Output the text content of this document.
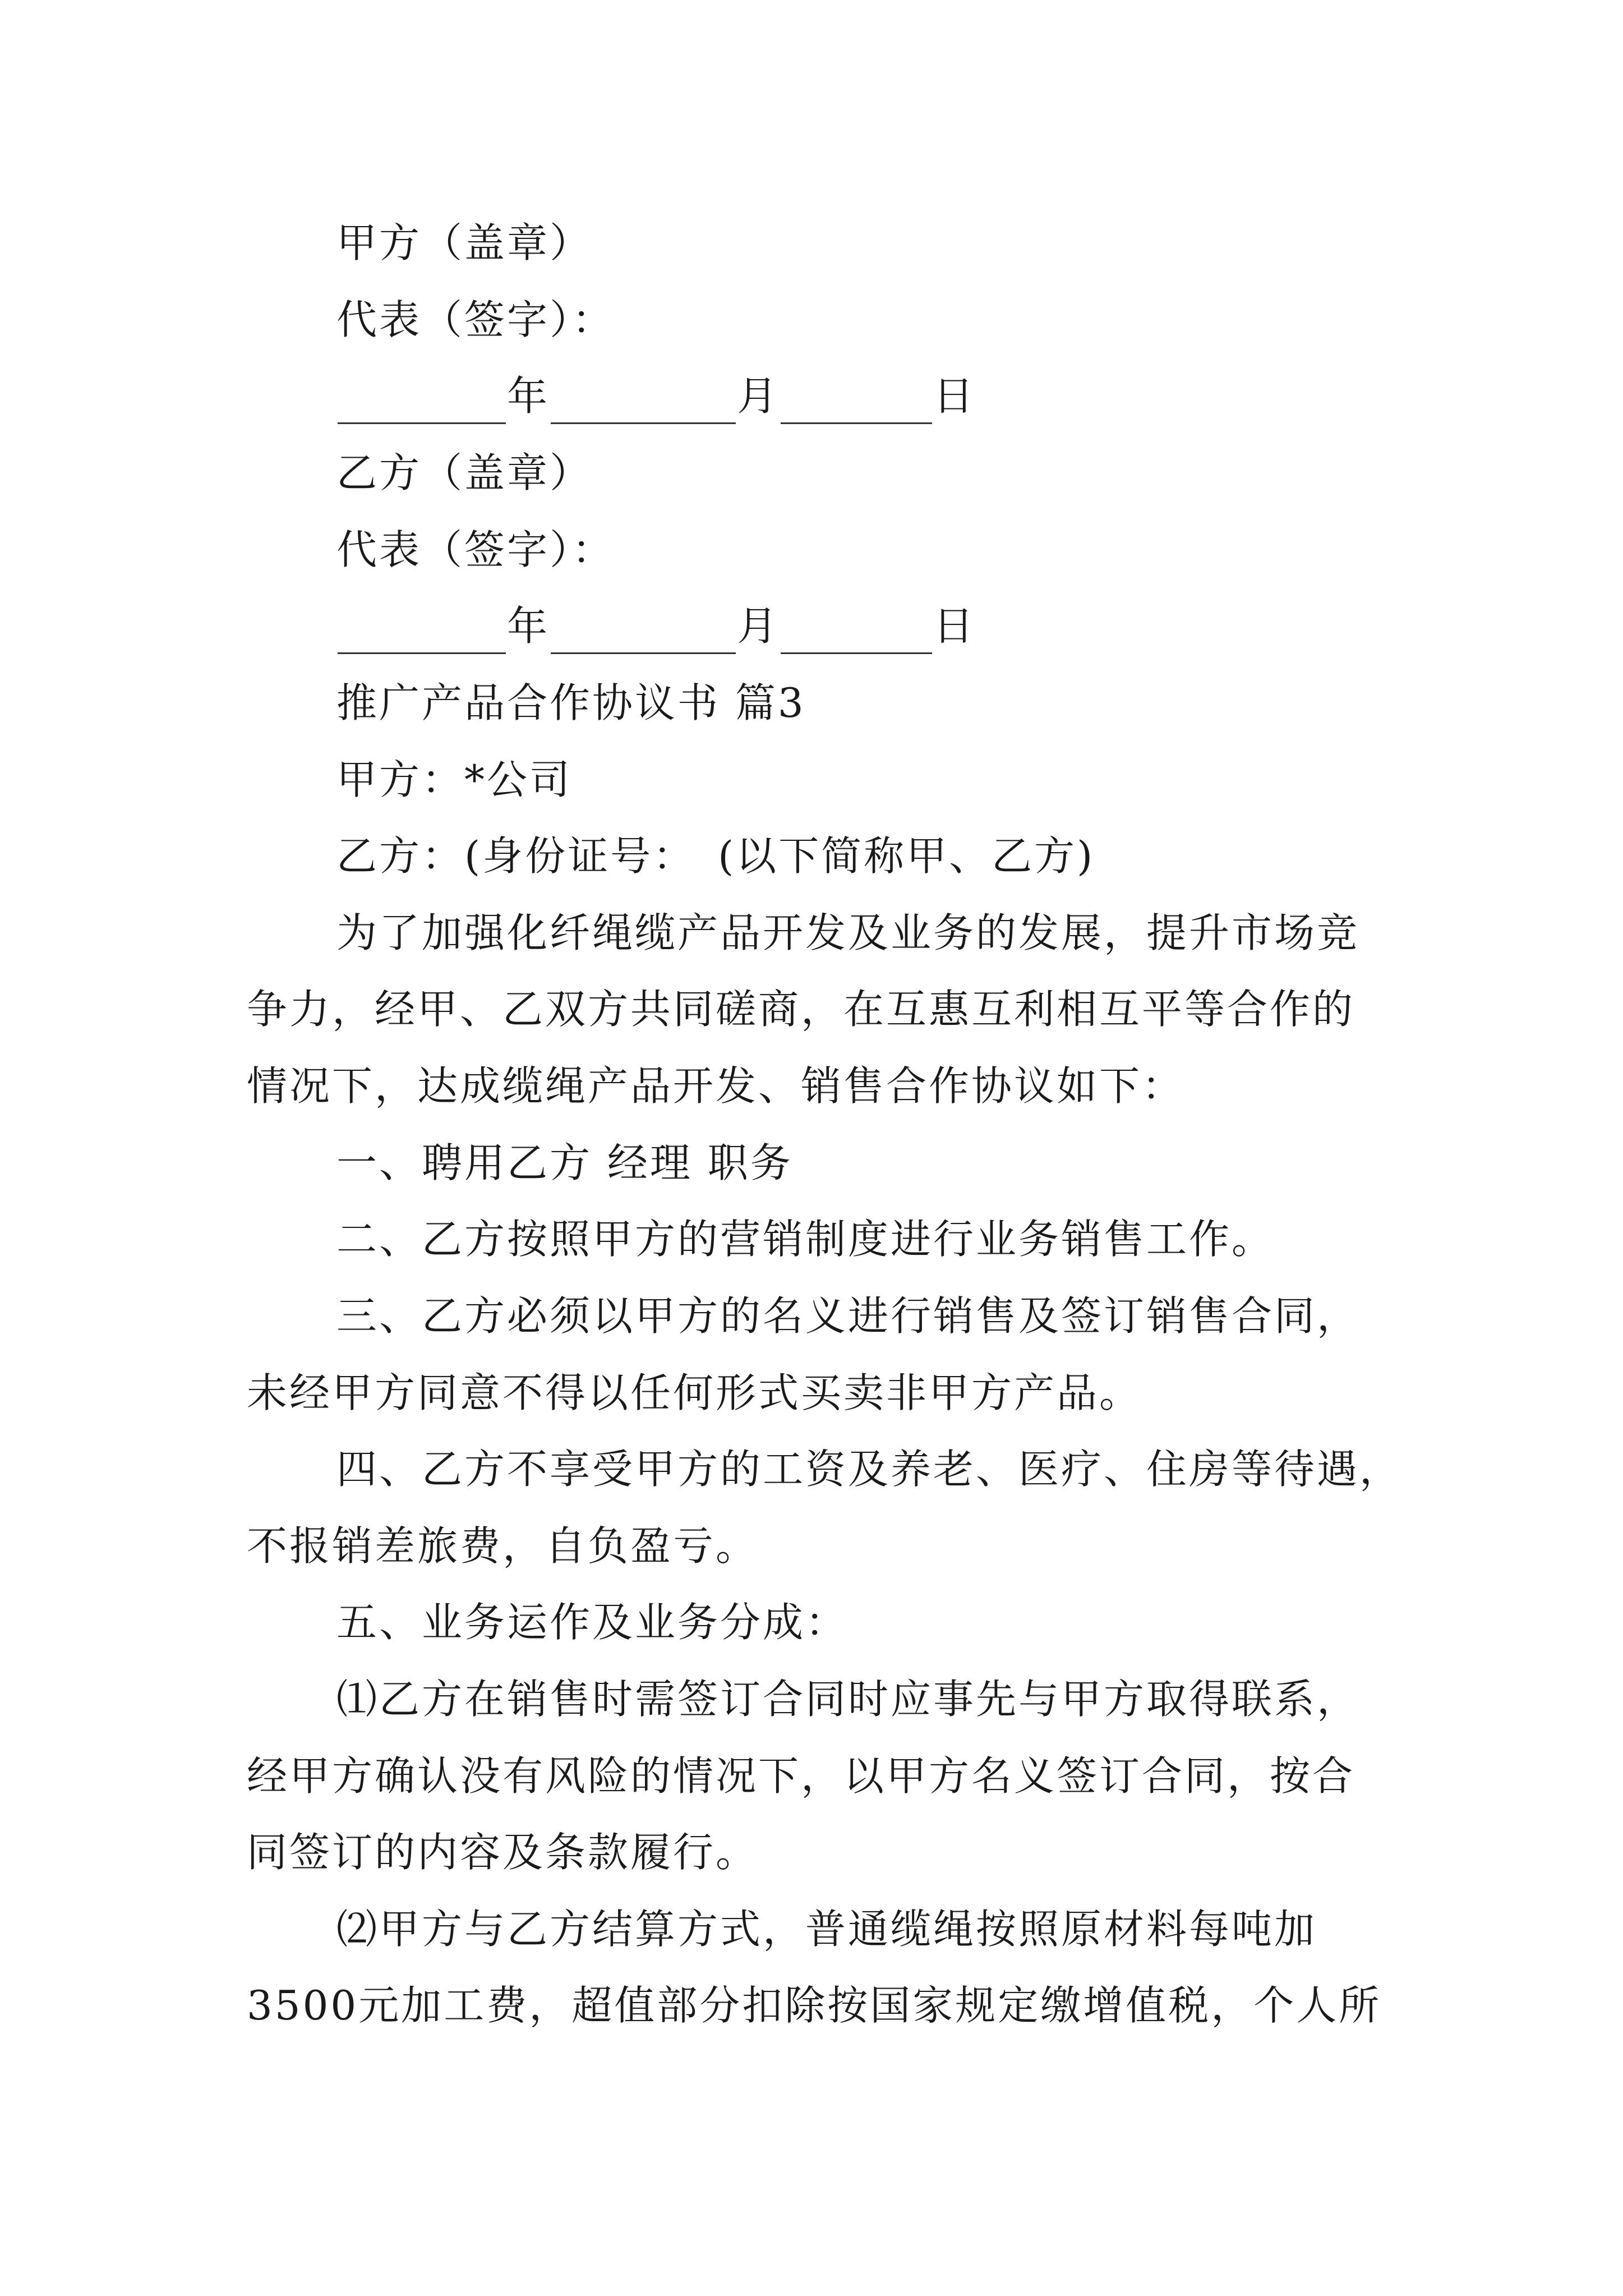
甲方（盖章）
代表（签字）：
年	月	日
乙方（盖章）
代表（签字）：
年	月	日
推广产品合作协议书 篇3
甲方：*公司
乙方：(身份证号：　(以下简称甲、乙方)
为了加强化纤绳缆产品开发及业务的发展，提升市场竞
争力，经甲、乙双方共同磋商，在互惠互利相互平等合作的
情况下，达成缆绳产品开发、销售合作协议如下：
一、聘用乙方 经理 职务
二、乙方按照甲方的营销制度进行业务销售工作。
三、乙方必须以甲方的名义进行销售及签订销售合同，
未经甲方同意不得以任何形式买卖非甲方产品。
四、乙方不享受甲方的工资及养老、医疗、住房等待遇，
不报销差旅费，自负盈亏。
五、业务运作及业务分成：
⑴乙方在销售时需签订合同时应事先与甲方取得联系，
经甲方确认没有风险的情况下，以甲方名义签订合同，按合
同签订的内容及条款履行。
⑵甲方与乙方结算方式，普通缆绳按照原材料每吨加
3500元加工费，超值部分扣除按国家规定缴增值税，个人所
